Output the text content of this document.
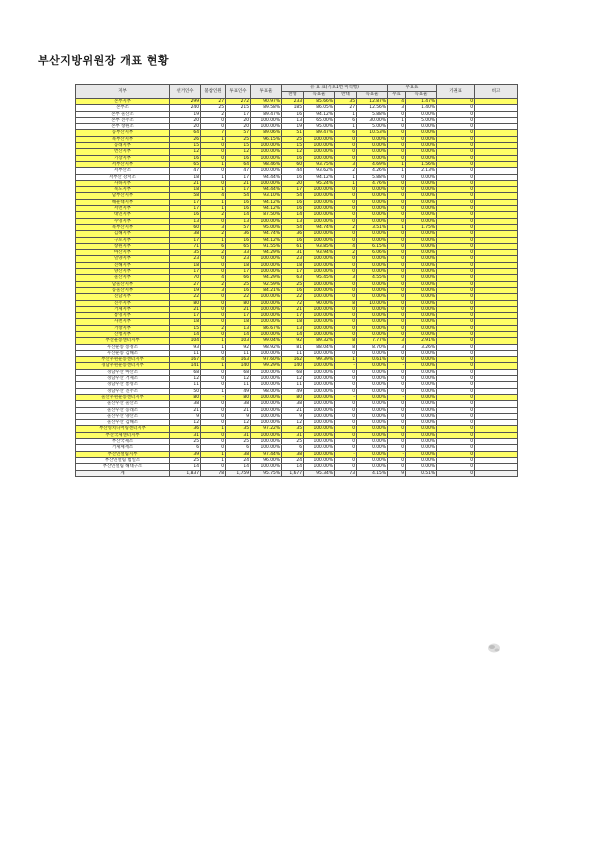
부산지방위원장 개표 현황
지부	선거인수	불참인원	투표인수	투표율	유 효 표(기호1번 이석행)				무효표		기권표	비고
					찬성	득표율	반대	득표율	무효	득표율		
본부지부	299	27	272	90.97%	233	85.66%	35	12.87%	4	1.47%	0	
본부소	240	25	215	89.58%	185	86.05%	27	12.56%	3	1.40%	0	
본부 울산소	19	2	17	89.47%	16	94.12%	1	5.88%	0	0.00%	0	
본부 진주소	20	0	20	100.00%	13	65.00%	6	30.00%	1	5.00%	0	
본부 창원소	20	0	20	100.00%	19	95.00%	1	5.00%	0	0.00%	0	
동부산지부	64	7	57	89.06%	51	89.47%	6	10.53%	0	0.00%	0	
북부산지부	26	1	25	96.15%	25	100.00%	0	0.00%	0	0.00%	0	
동래지부	15	0	15	100.00%	15	100.00%	0	0.00%	0	0.00%	0	
번산지부	12	0	12	100.00%	12	100.00%	0	0.00%	0	0.00%	0	
기장지부	16	0	16	100.00%	16	100.00%	0	0.00%	0	0.00%	0	
서부산지부	65	1	64	98.46%	60	93.75%	3	4.69%	1	1.56%	0	
서부산소	47	0	47	100.00%	44	93.62%	2	4.26%	1	2.13%	0	
서부산 강서소	18	1	17	94.44%	16	94.12%	1	5.88%	0	0.00%	0	
사하지부	21	0	21	100.00%	20	95.24%	1	4.76%	0	0.00%	0	
북도지부	18	1	17	94.44%	17	100.00%	0	0.00%	0	0.00%	0	
남부산지부	58	4	54	93.10%	54	100.00%	0	0.00%	0	0.00%	0	
해운대지부	17	1	16	94.12%	16	100.00%	0	0.00%	0	0.00%	0	
서면지부	17	1	16	94.12%	16	100.00%	0	0.00%	0	0.00%	0	
대연지부	16	2	14	87.50%	14	100.00%	0	0.00%	0	0.00%	0	
수영지부	13	0	13	100.00%	13	100.00%	0	0.00%	0	0.00%	0	
북부산지부	60	3	57	95.00%	54	94.74%	2	3.51%	1	1.75%	0	
김해지부	38	2	36	94.74%	36	100.00%	0	0.00%	0	0.00%	0	
구포지부	17	1	16	94.12%	16	100.00%	0	0.00%	0	0.00%	0	
창원지부	71	6	65	91.55%	61	93.85%	4	6.15%	0	0.00%	0	
마산지부	35	2	33	94.29%	31	93.94%	2	6.06%	0	0.00%	0	
밀양지부	23	0	23	100.00%	23	100.00%	0	0.00%	0	0.00%	0	
진해지부	18	0	18	100.00%	18	100.00%	0	0.00%	0	0.00%	0	
양산지부	17	0	17	100.00%	17	100.00%	0	0.00%	0	0.00%	0	
울산지부	70	4	66	94.29%	63	95.45%	3	4.55%	0	0.00%	0	
남울산지부	27	2	25	92.59%	25	100.00%	0	0.00%	0	0.00%	0	
동울산지부	19	3	16	84.21%	16	100.00%	0	0.00%	0	0.00%	0	
진남지부	22	0	22	100.00%	22	100.00%	0	0.00%	0	0.00%	0	
진주지부	80	0	80	100.00%	72	90.00%	8	10.00%	0	0.00%	0	
거제지부	21	0	21	100.00%	21	100.00%	0	0.00%	0	0.00%	0	
통영지부	17	0	17	100.00%	17	100.00%	0	0.00%	0	0.00%	0	
사천지부	18	0	18	100.00%	18	100.00%	0	0.00%	0	0.00%	0	
거창지부	15	2	13	86.67%	13	100.00%	0	0.00%	0	0.00%	0	
산청지부	14	0	14	100.00%	14	100.00%	0	0.00%	0	0.00%	0	
부산운송센터지부	104	1	103	99.04%	92	89.32%	8	7.77%	3	2.91%	0	
우산운송 송정소	93	1	92	98.92%	81	88.04%	8	8.70%	3	3.26%	0	
우산운송 김해소	11	0	11	100.00%	11	100.00%	0	0.00%	0	0.00%	0	
부산우편운송센터지부	167	4	163	97.60%	162	99.39%	1	0.61%	0	0.00%	0	
경남우편운송센터지부	141	1	140	99.29%	140	100.00%	-	0.00%	-	0.00%	0	
경남우산 마산소	68	0	68	100.00%	68	100.00%	0	0.00%	0	0.00%	0	
경남우산 거제소	12	0	12	100.00%	12	100.00%	0	0.00%	0	0.00%	0	
경남우산 통영소	11	0	11	100.00%	11	100.00%	0	0.00%	0	0.00%	0	
경남우산 진주소	50	1	49	98.00%	49	100.00%	0	0.00%	0	0.00%	0	
울산우편운송센터지부	80	-	80	100.00%	80	100.00%	-	0.00%	-	0.00%	0	
울산우산 울산소	38	0	38	100.00%	38	100.00%	0	0.00%	0	0.00%	0	
울산우산 동래소	21	0	21	100.00%	21	100.00%	0	0.00%	0	0.00%	0	
울산우산 양산소	9	0	9	100.00%	9	100.00%	0	0.00%	0	0.00%	0	
울산우산 김해소	12	0	12	100.00%	12	100.00%	0	0.00%	0	0.00%	0	
부산영치니어링센터지부	36	1	35	97.22%	35	100.00%	0	0.00%	0	0.00%	0	
부산국제센터지부	31	0	31	100.00%	31	100.00%	0	0.00%	0	0.00%	0	
부산국제소	25	0	25	100.00%	25	100.00%	0	0.00%	0	0.00%	0	
거제체재소	6	0	6	100.00%	6	100.00%	0	0.00%	0	0.00%	0	
부산연설림지부	39	1	38	97.44%	38	100.00%	-	0.00%	-	0.00%	0	
부산연설림 범일소	25	1	24	96.00%	24	100.00%	0	0.00%	0	0.00%	0	
부산연설림 해대구소	14	0	14	100.00%	14	100.00%	0	0.00%	0	0.00%	0	
계	1,837	78	1,759	95.75%	1,677	95.34%	73	4.15%	9	0.51%	0	
